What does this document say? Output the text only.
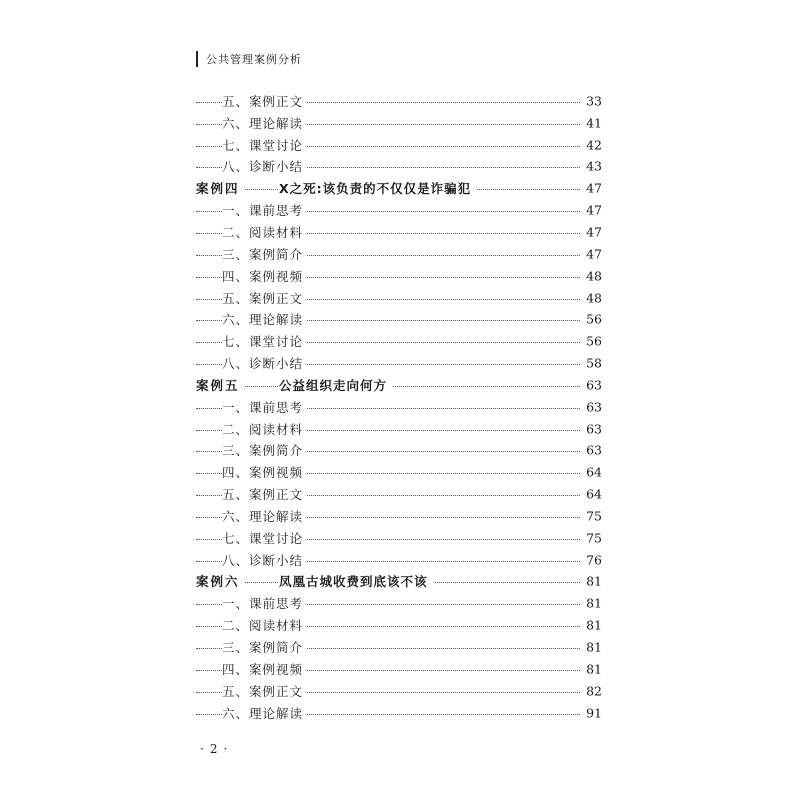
公共管理案例分析
五、案例正文	33
六、理论解读	41
七、课堂讨论	42
八、诊断小结	43
案例四	X之死:该负责的不仅仅是诈骗犯	47
一、课前思考	47
二、阅读材料	47
三、案例简介	47
四、案例视频	48
五、案例正文	48
六、理论解读	56
七、课堂讨论	56
八、诊断小结	58
案例五	公益组织走向何方	63
一、课前思考	63
二、阅读材料	63
三、案例简介	63
四、案例视频	64
五、案例正文	64
六、理论解读	75
七、课堂讨论	75
八、诊断小结	76
案例六	凤凰古城收费到底该不该	81
一、课前思考	81
二、阅读材料	81
三、案例简介	81
四、案例视频	81
五、案例正文	82
六、理论解读	91
·2·
